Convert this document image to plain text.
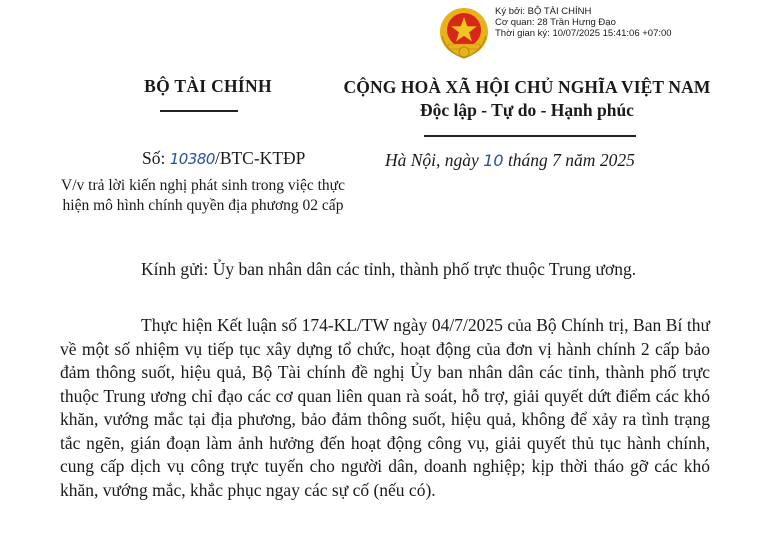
Ký bởi: BỘ TÀI CHÍNH
Cơ quan: 28 Trần Hưng Đạo
Thời gian ký: 10/07/2025 15:41:06 +07:00
BỘ TÀI CHÍNH
Số: 10380/BTC-KTĐP
V/v trả lời kiến nghị phát sinh trong việc thực hiện mô hình chính quyền địa phương 02 cấp
CỘNG HOÀ XÃ HỘI CHỦ NGHĨA VIỆT NAM
Độc lập - Tự do - Hạnh phúc
Hà Nội, ngày 10 tháng 7 năm 2025
Kính gửi: Ủy ban nhân dân các tỉnh, thành phố trực thuộc Trung ương.
Thực hiện Kết luận số 174-KL/TW ngày 04/7/2025 của Bộ Chính trị, Ban Bí thư về một số nhiệm vụ tiếp tục xây dựng tổ chức, hoạt động của đơn vị hành chính 2 cấp bảo đảm thông suốt, hiệu quả, Bộ Tài chính đề nghị Ủy ban nhân dân các tỉnh, thành phố trực thuộc Trung ương chỉ đạo các cơ quan liên quan rà soát, hỗ trợ, giải quyết dứt điểm các khó khăn, vướng mắc tại địa phương, bảo đảm thông suốt, hiệu quả, không để xảy ra tình trạng tắc ngẽn, gián đoạn làm ảnh hưởng đến hoạt động công vụ, giải quyết thủ tục hành chính, cung cấp dịch vụ công trực tuyến cho người dân, doanh nghiệp; kịp thời tháo gỡ các khó khăn, vướng mắc, khắc phục ngay các sự cố (nếu có).
